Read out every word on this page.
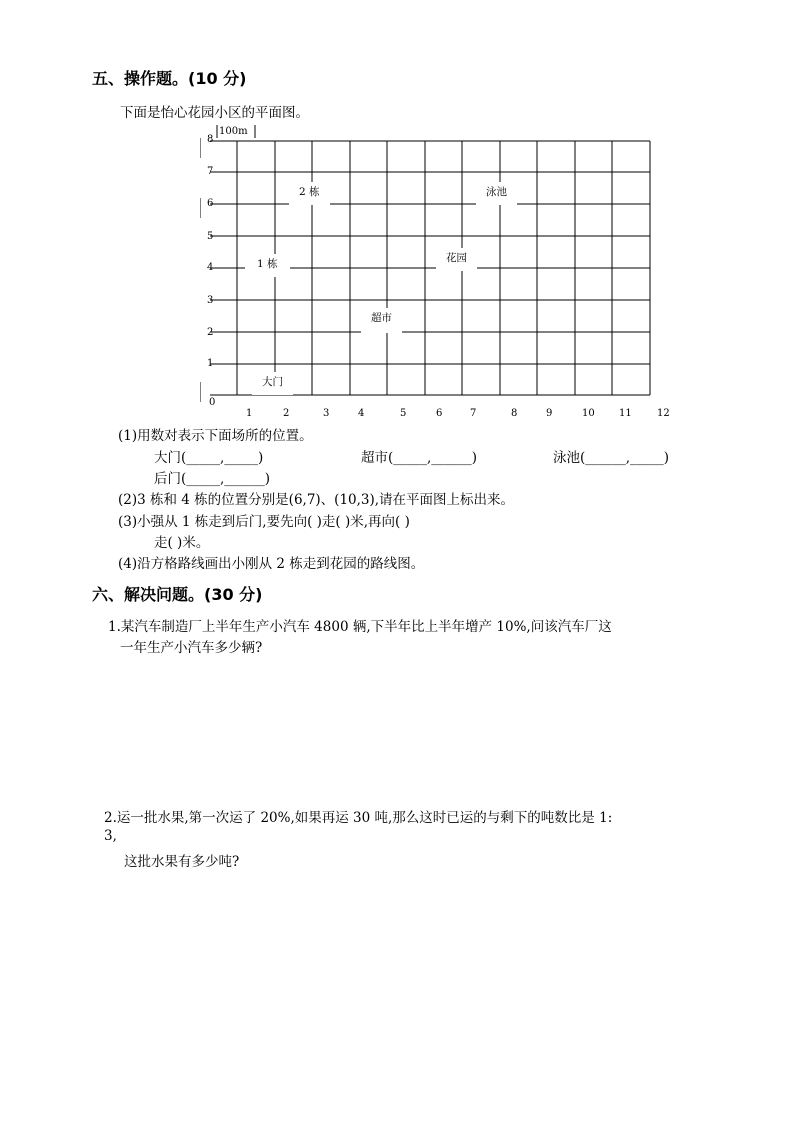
五、操作题。(10 分)
下面是怡心花园小区的平面图。
100m
8
7
6
5
4
3
2
1
0
1	2	3	4	5	6	7	8	9	10 11	12
2 栋	泳池
1 栋	花园
超市
大门
(1)用数对表示下面场所的位置。
大门(_____,_____)	超市(_____,______)	泳池(______,_____)
后门(_____,______)
(2)3 栋和 4 栋的位置分别是(6,7)、(10,3),请在平面图上标出来。
(3)小强从 1 栋走到后门,要先向( )走( )米,再向( )
走( )米。
(4)沿方格路线画出小刚从 2 栋走到花园的路线图。
六、解决问题。(30 分)
1.某汽车制造厂上半年生产小汽车 4800 辆,下半年比上半年增产 10%,问该汽车厂这
一年生产小汽车多少辆?
2.运一批水果,第一次运了 20%,如果再运 30 吨,那么这时已运的与剩下的吨数比是 1:
3,
这批水果有多少吨?
